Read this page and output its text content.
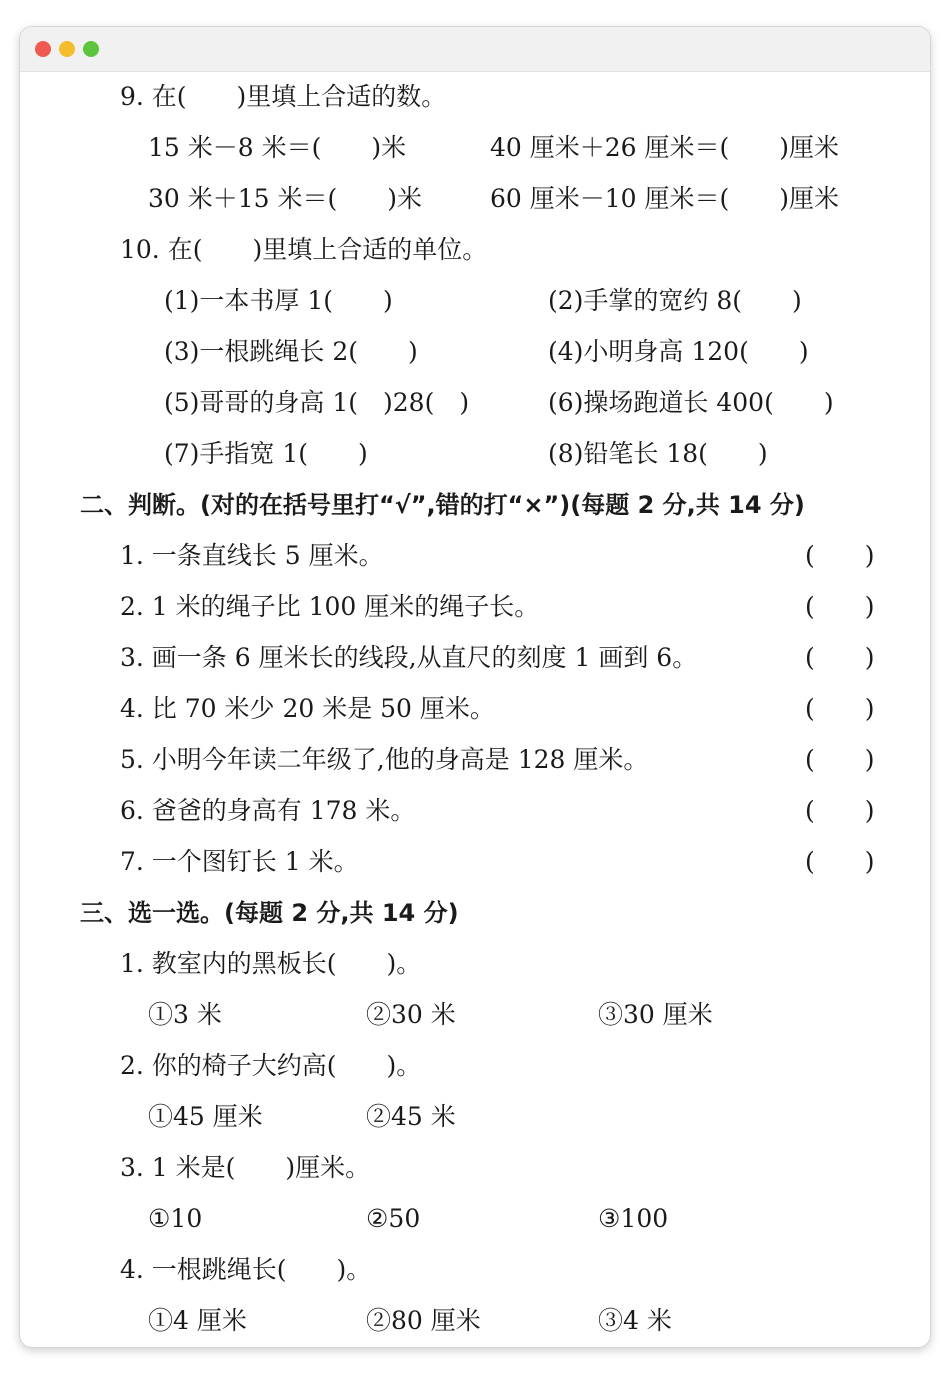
9. 在(　　)里填上合适的数。
15 米－8 米＝(　　)米	40 厘米＋26 厘米＝(　　)厘米
30 米＋15 米＝(　　)米	60 厘米－10 厘米＝(　　)厘米
10. 在(　　)里填上合适的单位。
(1)一本书厚 1(　　)	(2)手掌的宽约 8(　　)
(3)一根跳绳长 2(　　)	(4)小明身高 120(　　)
(5)哥哥的身高 1(　)28(　)	(6)操场跑道长 400(　　)
(7)手指宽 1(　　)	(8)铅笔长 18(　　)
二、判断。(对的在括号里打“√”,错的打“×”)(每题 2 分,共 14 分)
1. 一条直线长 5 厘米。	(　　)
2. 1 米的绳子比 100 厘米的绳子长。	(　　)
3. 画一条 6 厘米长的线段,从直尺的刻度 1 画到 6。	(　　)
4. 比 70 米少 20 米是 50 厘米。	(　　)
5. 小明今年读二年级了,他的身高是 128 厘米。	(　　)
6. 爸爸的身高有 178 米。	(　　)
7. 一个图钉长 1 米。	(　　)
三、选一选。(每题 2 分,共 14 分)
1. 教室内的黑板长(　　)。
①3 米	②30 米	③30 厘米
2. 你的椅子大约高(　　)。
①45 厘米	②45 米
3. 1 米是(　　)厘米。
①10	②50	③100
4. 一根跳绳长(　　)。
①4 厘米	②80 厘米	③4 米
